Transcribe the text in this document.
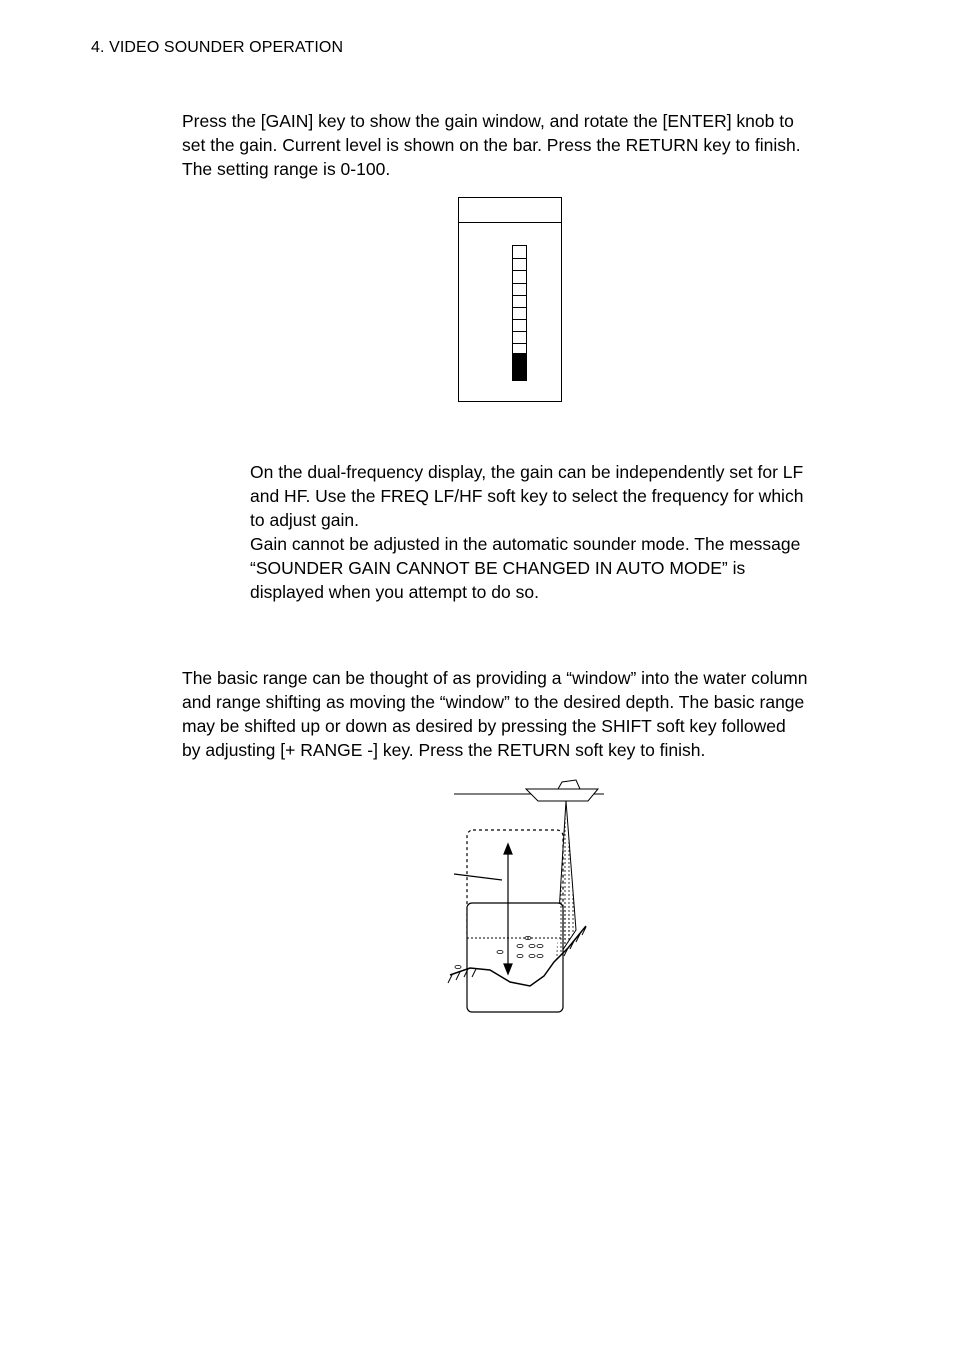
4. VIDEO SOUNDER OPERATION

Press the [GAIN] key to show the gain window, and rotate the [ENTER] knob to
set the gain. Current level is shown on the bar. Press the RETURN key to finish.
The setting range is 0-100.

On the dual-frequency display, the gain can be independently set for LF
and HF. Use the FREQ LF/HF soft key to select the frequency for which
to adjust gain.
Gain cannot be adjusted in the automatic sounder mode. The message
“SOUNDER GAIN CANNOT BE CHANGED IN AUTO MODE” is
displayed when you attempt to do so.

The basic range can be thought of as providing a “window” into the water column
and range shifting as moving the “window” to the desired depth. The basic range
may be shifted up or down as desired by pressing the SHIFT soft key followed
by adjusting [+ RANGE -] key. Press the RETURN soft key to finish.
